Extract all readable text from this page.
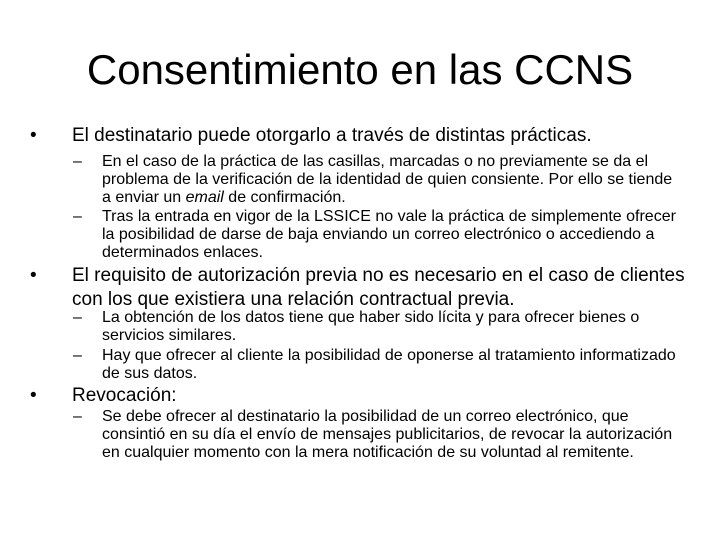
Consentimiento en las CCNS
• El destinatario puede otorgarlo a través de distintas prácticas.
– En el caso de la práctica de las casillas, marcadas o no previamente se da el problema de la verificación de la identidad de quien consiente. Por ello se tiende a enviar un email de confirmación.
– Tras la entrada en vigor de la LSSICE no vale la práctica de simplemente ofrecer la posibilidad de darse de baja enviando un correo electrónico o accediendo a determinados enlaces.
• El requisito de autorización previa no es necesario en el caso de clientes con los que existiera una relación contractual previa.
– La obtención de los datos tiene que haber sido lícita y para ofrecer bienes o servicios similares.
– Hay que ofrecer al cliente la posibilidad de oponerse al tratamiento informatizado de sus datos.
• Revocación:
– Se debe ofrecer al destinatario la posibilidad de un correo electrónico, que consintió en su día el envío de mensajes publicitarios, de revocar la autorización en cualquier momento con la mera notificación de su voluntad al remitente.
